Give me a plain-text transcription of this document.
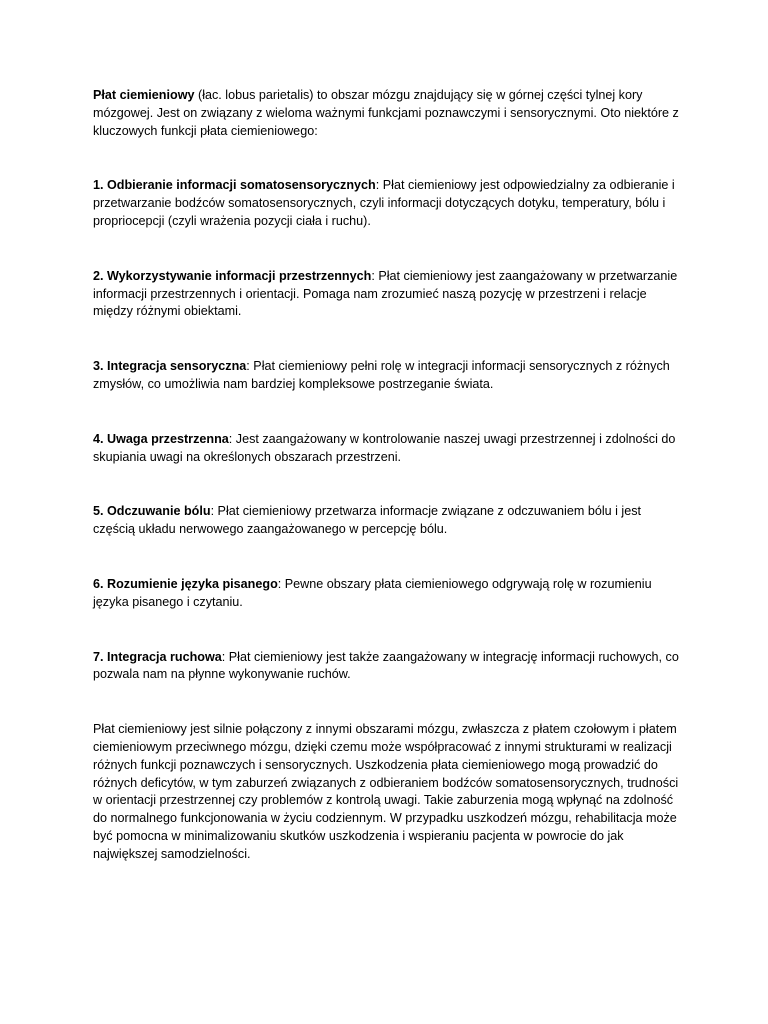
Płat ciemieniowy (łac. lobus parietalis) to obszar mózgu znajdujący się w górnej części tylnej kory mózgowej. Jest on związany z wieloma ważnymi funkcjami poznawczymi i sensorycznymi. Oto niektóre z kluczowych funkcji płata ciemieniowego:

1. Odbieranie informacji somatosensorycznych: Płat ciemieniowy jest odpowiedzialny za odbieranie i przetwarzanie bodźców somatosensorycznych, czyli informacji dotyczących dotyku, temperatury, bólu i propriocepcji (czyli wrażenia pozycji ciała i ruchu).

2. Wykorzystywanie informacji przestrzennych: Płat ciemieniowy jest zaangażowany w przetwarzanie informacji przestrzennych i orientacji. Pomaga nam zrozumieć naszą pozycję w przestrzeni i relacje między różnymi obiektami.

3. Integracja sensoryczna: Płat ciemieniowy pełni rolę w integracji informacji sensorycznych z różnych zmysłów, co umożliwia nam bardziej kompleksowe postrzeganie świata.

4. Uwaga przestrzenna: Jest zaangażowany w kontrolowanie naszej uwagi przestrzennej i zdolności do skupiania uwagi na określonych obszarach przestrzeni.

5. Odczuwanie bólu: Płat ciemieniowy przetwarza informacje związane z odczuwaniem bólu i jest częścią układu nerwowego zaangażowanego w percepcję bólu.

6. Rozumienie języka pisanego: Pewne obszary płata ciemieniowego odgrywają rolę w rozumieniu języka pisanego i czytaniu.

7. Integracja ruchowa: Płat ciemieniowy jest także zaangażowany w integrację informacji ruchowych, co pozwala nam na płynne wykonywanie ruchów.

Płat ciemieniowy jest silnie połączony z innymi obszarami mózgu, zwłaszcza z płatem czołowym i płatem ciemieniowym przeciwnego mózgu, dzięki czemu może współpracować z innymi strukturami w realizacji różnych funkcji poznawczych i sensorycznych. Uszkodzenia płata ciemieniowego mogą prowadzić do różnych deficytów, w tym zaburzeń związanych z odbieraniem bodźców somatosensorycznych, trudności w orientacji przestrzennej czy problemów z kontrolą uwagi. Takie zaburzenia mogą wpłynąć na zdolność do normalnego funkcjonowania w życiu codziennym. W przypadku uszkodzeń mózgu, rehabilitacja może być pomocna w minimalizowaniu skutków uszkodzenia i wspieraniu pacjenta w powrocie do jak największej samodzielności.
